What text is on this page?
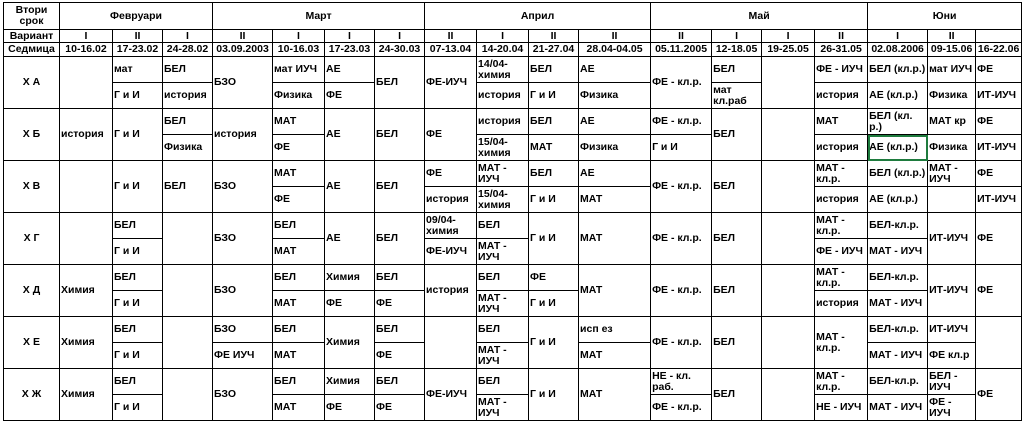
Втори срок	Февруари			Март				Април				Май				Юни		
Вариант	I	II	I	II	I	I	I	II	I	II	II	II	I	I	II	I	II	
Седмица	10-16.02	17-23.02	24-28.02	03.09.2003	10-16.03	17-23.03	24-30.03	07-13.04	14-20.04	21-27.04	28.04-04.05	05.11.2005	12-18.05	19-25.05	26-31.05	02.08.2006	09-15.06	16-22.06
Х А		мат	БЕЛ	БЗО	мат ИУЧ	АЕ	БЕЛ	ФЕ-ИУЧ	14/04-химия	БЕЛ	АЕ	ФЕ - кл.р.	БЕЛ		ФЕ - ИУЧ	БЕЛ (кл.р.)	мат ИУЧ	ФЕ
		Г и И	история		Физика	ФЕ			история	Г и И	Физика		мат кл.раб		история	АЕ (кл.р.)	Физика	ИТ-ИУЧ
Х Б	история	Г и И	БЕЛ	история	МАТ	АЕ	БЕЛ	ФЕ	история	БЕЛ	АЕ	ФЕ - кл.р.	БЕЛ		МАТ	БЕЛ (кл. р.)	МАТ кр	ФЕ
			Физика		ФЕ				15/04-химия	МАТ	Физика	Г и И			история	АЕ (кл.р.)	Физика	ИТ-ИУЧ
Х В		Г и И	БЕЛ	БЗО	МАТ	АЕ	БЕЛ	ФЕ	МАТ - ИУЧ	БЕЛ	АЕ	ФЕ - кл.р.	БЕЛ		МАТ - кл.р.	БЕЛ (кл.р.)	МАТ - ИУЧ	ФЕ
					ФЕ			история	15/04-химия	Г и И	МАТ				история	АЕ (кл.р.)		ИТ-ИУЧ
Х Г		БЕЛ		БЗО	БЕЛ	АЕ	БЕЛ	09/04-химия	БЕЛ	Г и И	МАТ	ФЕ - кл.р.	БЕЛ		МАТ - кл.р.	БЕЛ-кл.р.	ИТ-ИУЧ	ФЕ
		Г и И			МАТ			ФЕ-ИУЧ	МАТ - ИУЧ						ФЕ - ИУЧ	МАТ - ИУЧ		
Х Д	Химия	БЕЛ		БЗО	БЕЛ	Химия	БЕЛ	история	БЕЛ	ФЕ	МАТ	ФЕ - кл.р.	БЕЛ		МАТ - кл.р.	БЕЛ-кл.р.	ИТ-ИУЧ	ФЕ
		Г и И			МАТ	ФЕ	ФЕ		МАТ - ИУЧ	Г и И					история	МАТ - ИУЧ		
Х Е	Химия	БЕЛ		БЗО	БЕЛ	Химия	БЕЛ		БЕЛ	Г и И	исп ез	ФЕ - кл.р.	БЕЛ		МАТ - кл.р.	БЕЛ-кл.р.	ИТ-ИУЧ	
		Г и И		ФЕ ИУЧ	МАТ		ФЕ		МАТ - ИУЧ		МАТ					МАТ - ИУЧ	ФЕ кл.р	
Х Ж	Химия	БЕЛ		БЗО	БЕЛ	Химия	БЕЛ	ФЕ-ИУЧ	БЕЛ	Г и И	МАТ	НЕ - кл. раб.	БЕЛ		МАТ - кл.р.	БЕЛ-кл.р.	БЕЛ - ИУЧ	ФЕ
		Г и И			МАТ	ФЕ	ФЕ		МАТ - ИУЧ			ФЕ - кл.р.			НЕ - ИУЧ	МАТ - ИУЧ	ФЕ - ИУЧ	
